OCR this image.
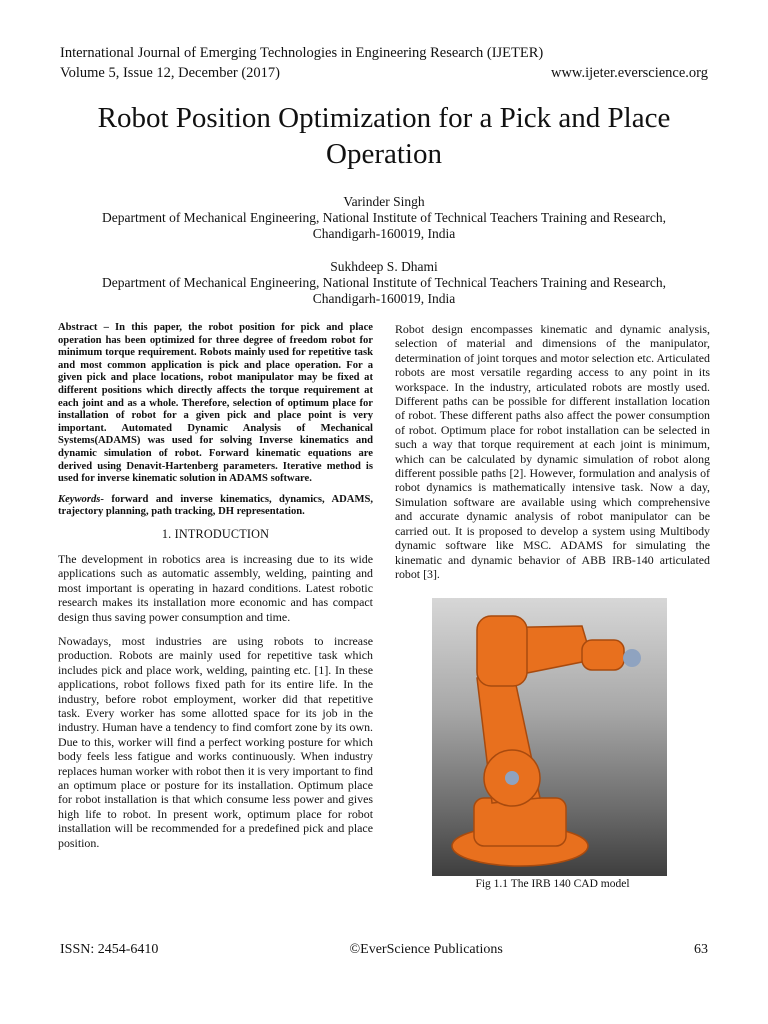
International Journal of Emerging Technologies in Engineering Research (IJETER)
Volume 5, Issue 12, December (2017)	www.ijeter.everscience.org
Robot Position Optimization for a Pick and Place Operation
Varinder Singh
Department of Mechanical Engineering, National Institute of Technical Teachers Training and Research,
Chandigarh-160019, India
Sukhdeep S. Dhami
Department of Mechanical Engineering, National Institute of Technical Teachers Training and Research,
Chandigarh-160019, India

Abstract – In this paper, the robot position for pick and place operation has been optimized for three degree of freedom robot for minimum torque requirement. Robots mainly used for repetitive task and most common application is pick and place operation. For a given pick and place locations, robot manipulator may be fixed at different positions which directly affects the torque requirement at each joint and as a whole. Therefore, selection of optimum place for installation of robot for a given pick and place point is very important. Automated Dynamic Analysis of Mechanical Systems(ADAMS) was used for solving Inverse kinematics and dynamic simulation of robot. Forward kinematic equations are derived using Denavit-Hartenberg parameters. Iterative method is used for inverse kinematic solution in ADAMS software.

Keywords- forward and inverse kinematics, dynamics, ADAMS, trajectory planning, path tracking, DH representation.

1. INTRODUCTION

The development in robotics area is increasing due to its wide applications such as automatic assembly, welding, painting and most important is operating in hazard conditions. Latest robotic research makes its installation more economic and has compact design thus saving power consumption and time.

Nowadays, most industries are using robots to increase production. Robots are mainly used for repetitive task which includes pick and place work, welding, painting etc. [1]. In these applications, robot follows fixed path for its entire life. In the industry, before robot employment, worker did that repetitive task. Every worker has some allotted space for its job in the industry. Human have a tendency to find comfort zone by its own. Due to this, worker will find a perfect working posture for which body feels less fatigue and works continuously. When industry replaces human worker with robot then it is very important to find an optimum place or posture for its installation. Optimum place for robot installation is that which consume less power and gives high life to robot. In present work, optimum place for robot installation will be recommended for a predefined pick and place position.

Robot design encompasses kinematic and dynamic analysis, selection of material and dimensions of the manipulator, determination of joint torques and motor selection etc. Articulated robots are most versatile regarding access to any point in its workspace. In the industry, articulated robots are mostly used. Different paths can be possible for different installation location of robot. These different paths also affect the power consumption of robot. Optimum place for robot installation can be selected in such a way that torque requirement at each joint is minimum, which can be calculated by dynamic simulation of robot along different possible paths [2]. However, formulation and analysis of robot dynamics is mathematically intensive task. Now a day, Simulation software are available using which comprehensive and accurate dynamic analysis of robot manipulator can be carried out. It is proposed to develop a system using Multibody dynamic software like MSC. ADAMS for simulating the kinematic and dynamic behavior of ABB IRB-140 articulated robot [3].

Fig 1.1 The IRB 140 CAD model
ISSN: 2454-6410	©EverScience Publications	63
